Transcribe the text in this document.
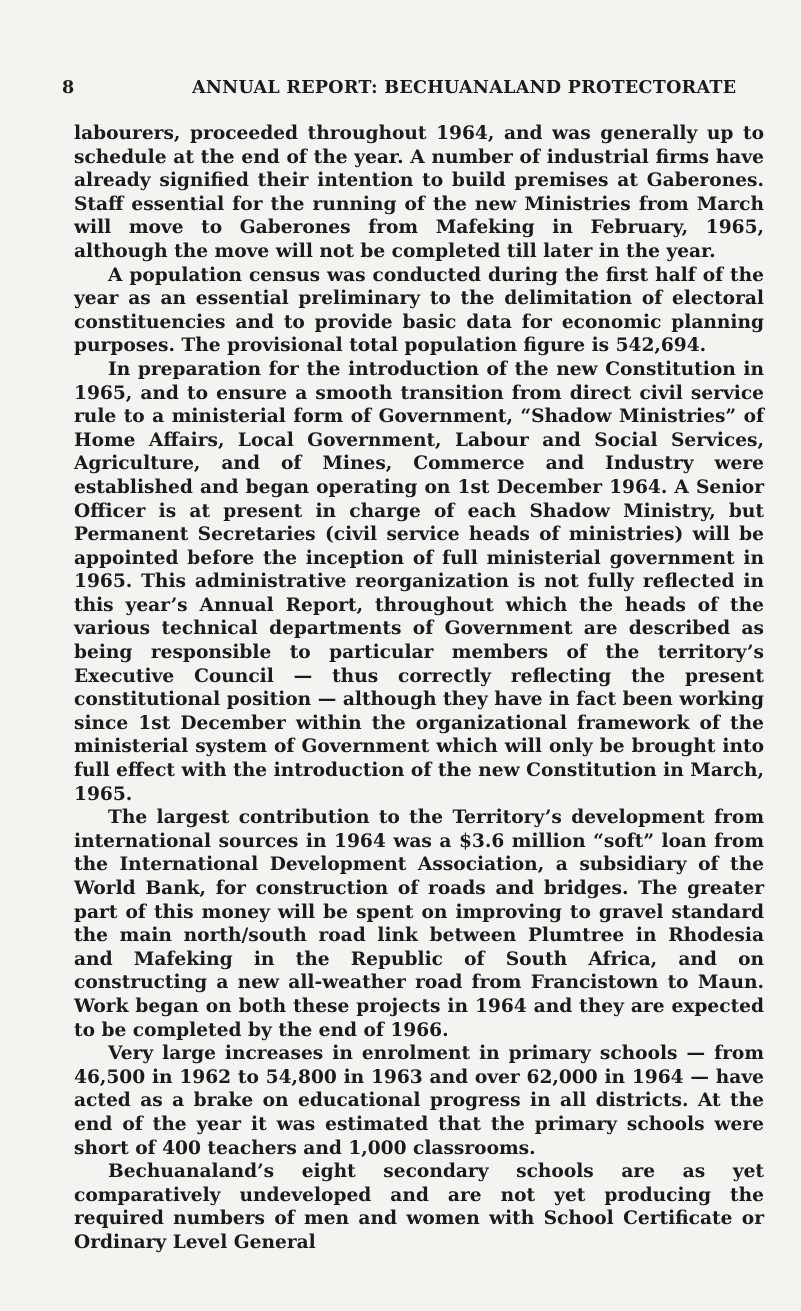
8	ANNUAL REPORT: BECHUANALAND PROTECTORATE

labourers, proceeded throughout 1964, and was generally up to schedule at the end of the year. A number of industrial firms have already signified their intention to build premises at Gaberones. Staff essential for the running of the new Ministries from March will move to Gaberones from Mafeking in February, 1965, although the move will not be completed till later in the year.

A population census was conducted during the first half of the year as an essential preliminary to the delimitation of electoral constituencies and to provide basic data for economic planning purposes. The provisional total population figure is 542,694.

In preparation for the introduction of the new Constitution in 1965, and to ensure a smooth transition from direct civil service rule to a ministerial form of Government, “Shadow Ministries” of Home Affairs, Local Government, Labour and Social Services, Agriculture, and of Mines, Commerce and Industry were established and began operating on 1st December 1964. A Senior Officer is at present in charge of each Shadow Ministry, but Permanent Secretaries (civil service heads of ministries) will be appointed before the inception of full ministerial government in 1965. This administrative reorganization is not fully reflected in this year’s Annual Report, throughout which the heads of the various technical departments of Government are described as being responsible to particular members of the territory’s Executive Council — thus correctly reflecting the present constitutional position — although they have in fact been working since 1st December within the organizational framework of the ministerial system of Government which will only be brought into full effect with the introduction of the new Constitution in March, 1965.

The largest contribution to the Territory’s development from international sources in 1964 was a $3.6 million “soft” loan from the International Development Association, a subsidiary of the World Bank, for construction of roads and bridges. The greater part of this money will be spent on improving to gravel standard the main north/south road link between Plumtree in Rhodesia and Mafeking in the Republic of South Africa, and on constructing a new all-weather road from Francistown to Maun. Work began on both these projects in 1964 and they are expected to be completed by the end of 1966.

Very large increases in enrolment in primary schools — from 46,500 in 1962 to 54,800 in 1963 and over 62,000 in 1964 — have acted as a brake on educational progress in all districts. At the end of the year it was estimated that the primary schools were short of 400 teachers and 1,000 classrooms.

Bechuanaland’s eight secondary schools are as yet comparatively undeveloped and are not yet producing the required numbers of men and women with School Certificate or Ordinary Level General
